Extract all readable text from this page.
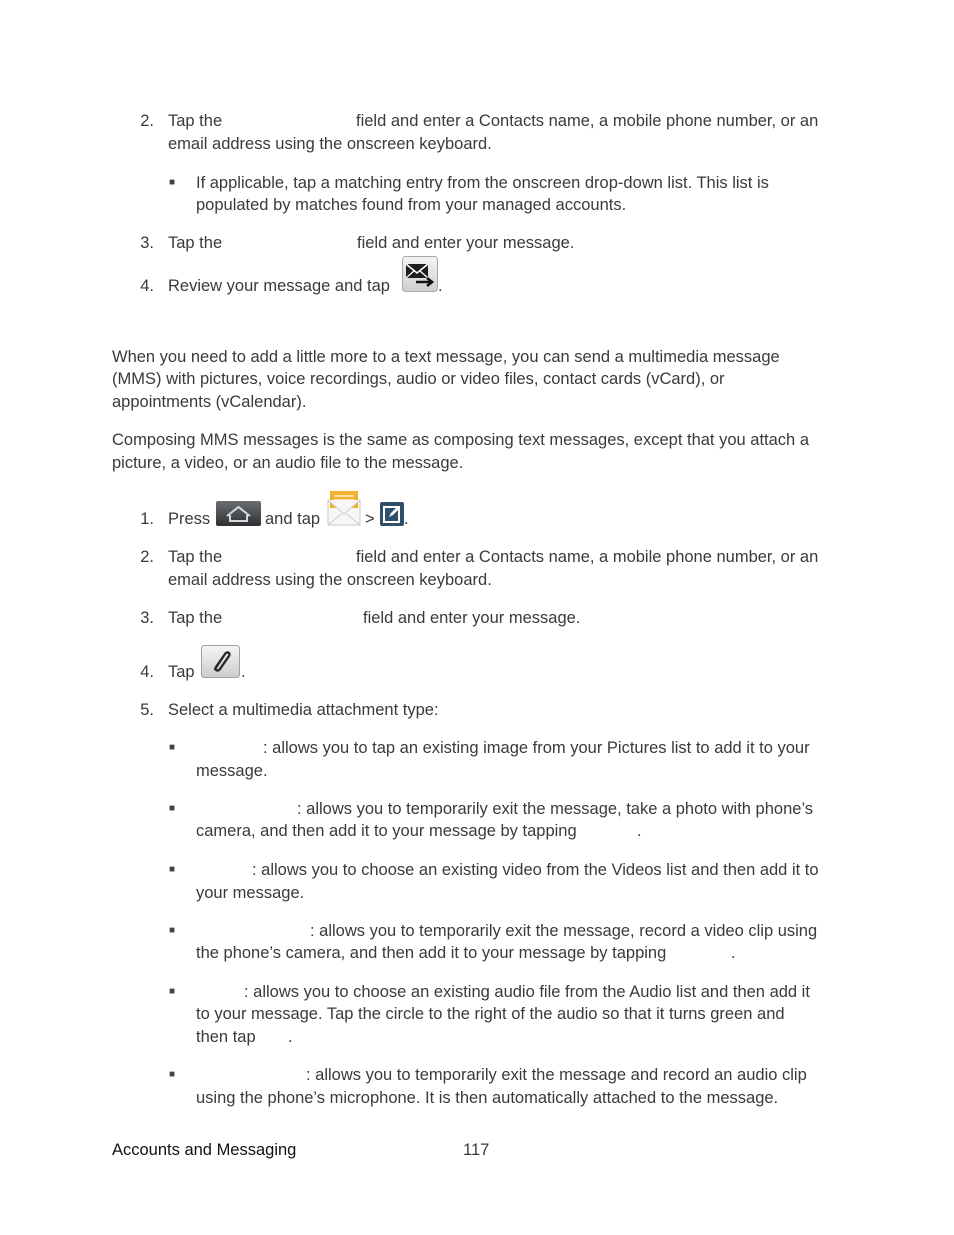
2. Tap the	field and enter a Contacts name, a mobile phone number, or an
email address using the onscreen keyboard.
■ If applicable, tap a matching entry from the onscreen drop-down list. This list is
populated by matches found from your managed accounts.
3. Tap the	field and enter your message.
4. Review your message and tap	.
When you need to add a little more to a text message, you can send a multimedia message
(MMS) with pictures, voice recordings, audio or video files, contact cards (vCard), or
appointments (vCalendar).
Composing MMS messages is the same as composing text messages, except that you attach a
picture, a video, or an audio file to the message.
1. Press	and tap	> .
2. Tap the	field and enter a Contacts name, a mobile phone number, or an
email address using the onscreen keyboard.
3. Tap the	field and enter your message.
4. Tap	.
5. Select a multimedia attachment type:
■	: allows you to tap an existing image from your Pictures list to add it to your
message.
■	: allows you to temporarily exit the message, take a photo with phone’s
camera, and then add it to your message by tapping	.
■	: allows you to choose an existing video from the Videos list and then add it to
your message.
■	: allows you to temporarily exit the message, record a video clip using
the phone’s camera, and then add it to your message by tapping	.
■	: allows you to choose an existing audio file from the Audio list and then add it
to your message. Tap the circle to the right of the audio so that it turns green and
then tap .
■	: allows you to temporarily exit the message and record an audio clip
using the phone’s microphone. It is then automatically attached to the message.
Accounts and Messaging	117
